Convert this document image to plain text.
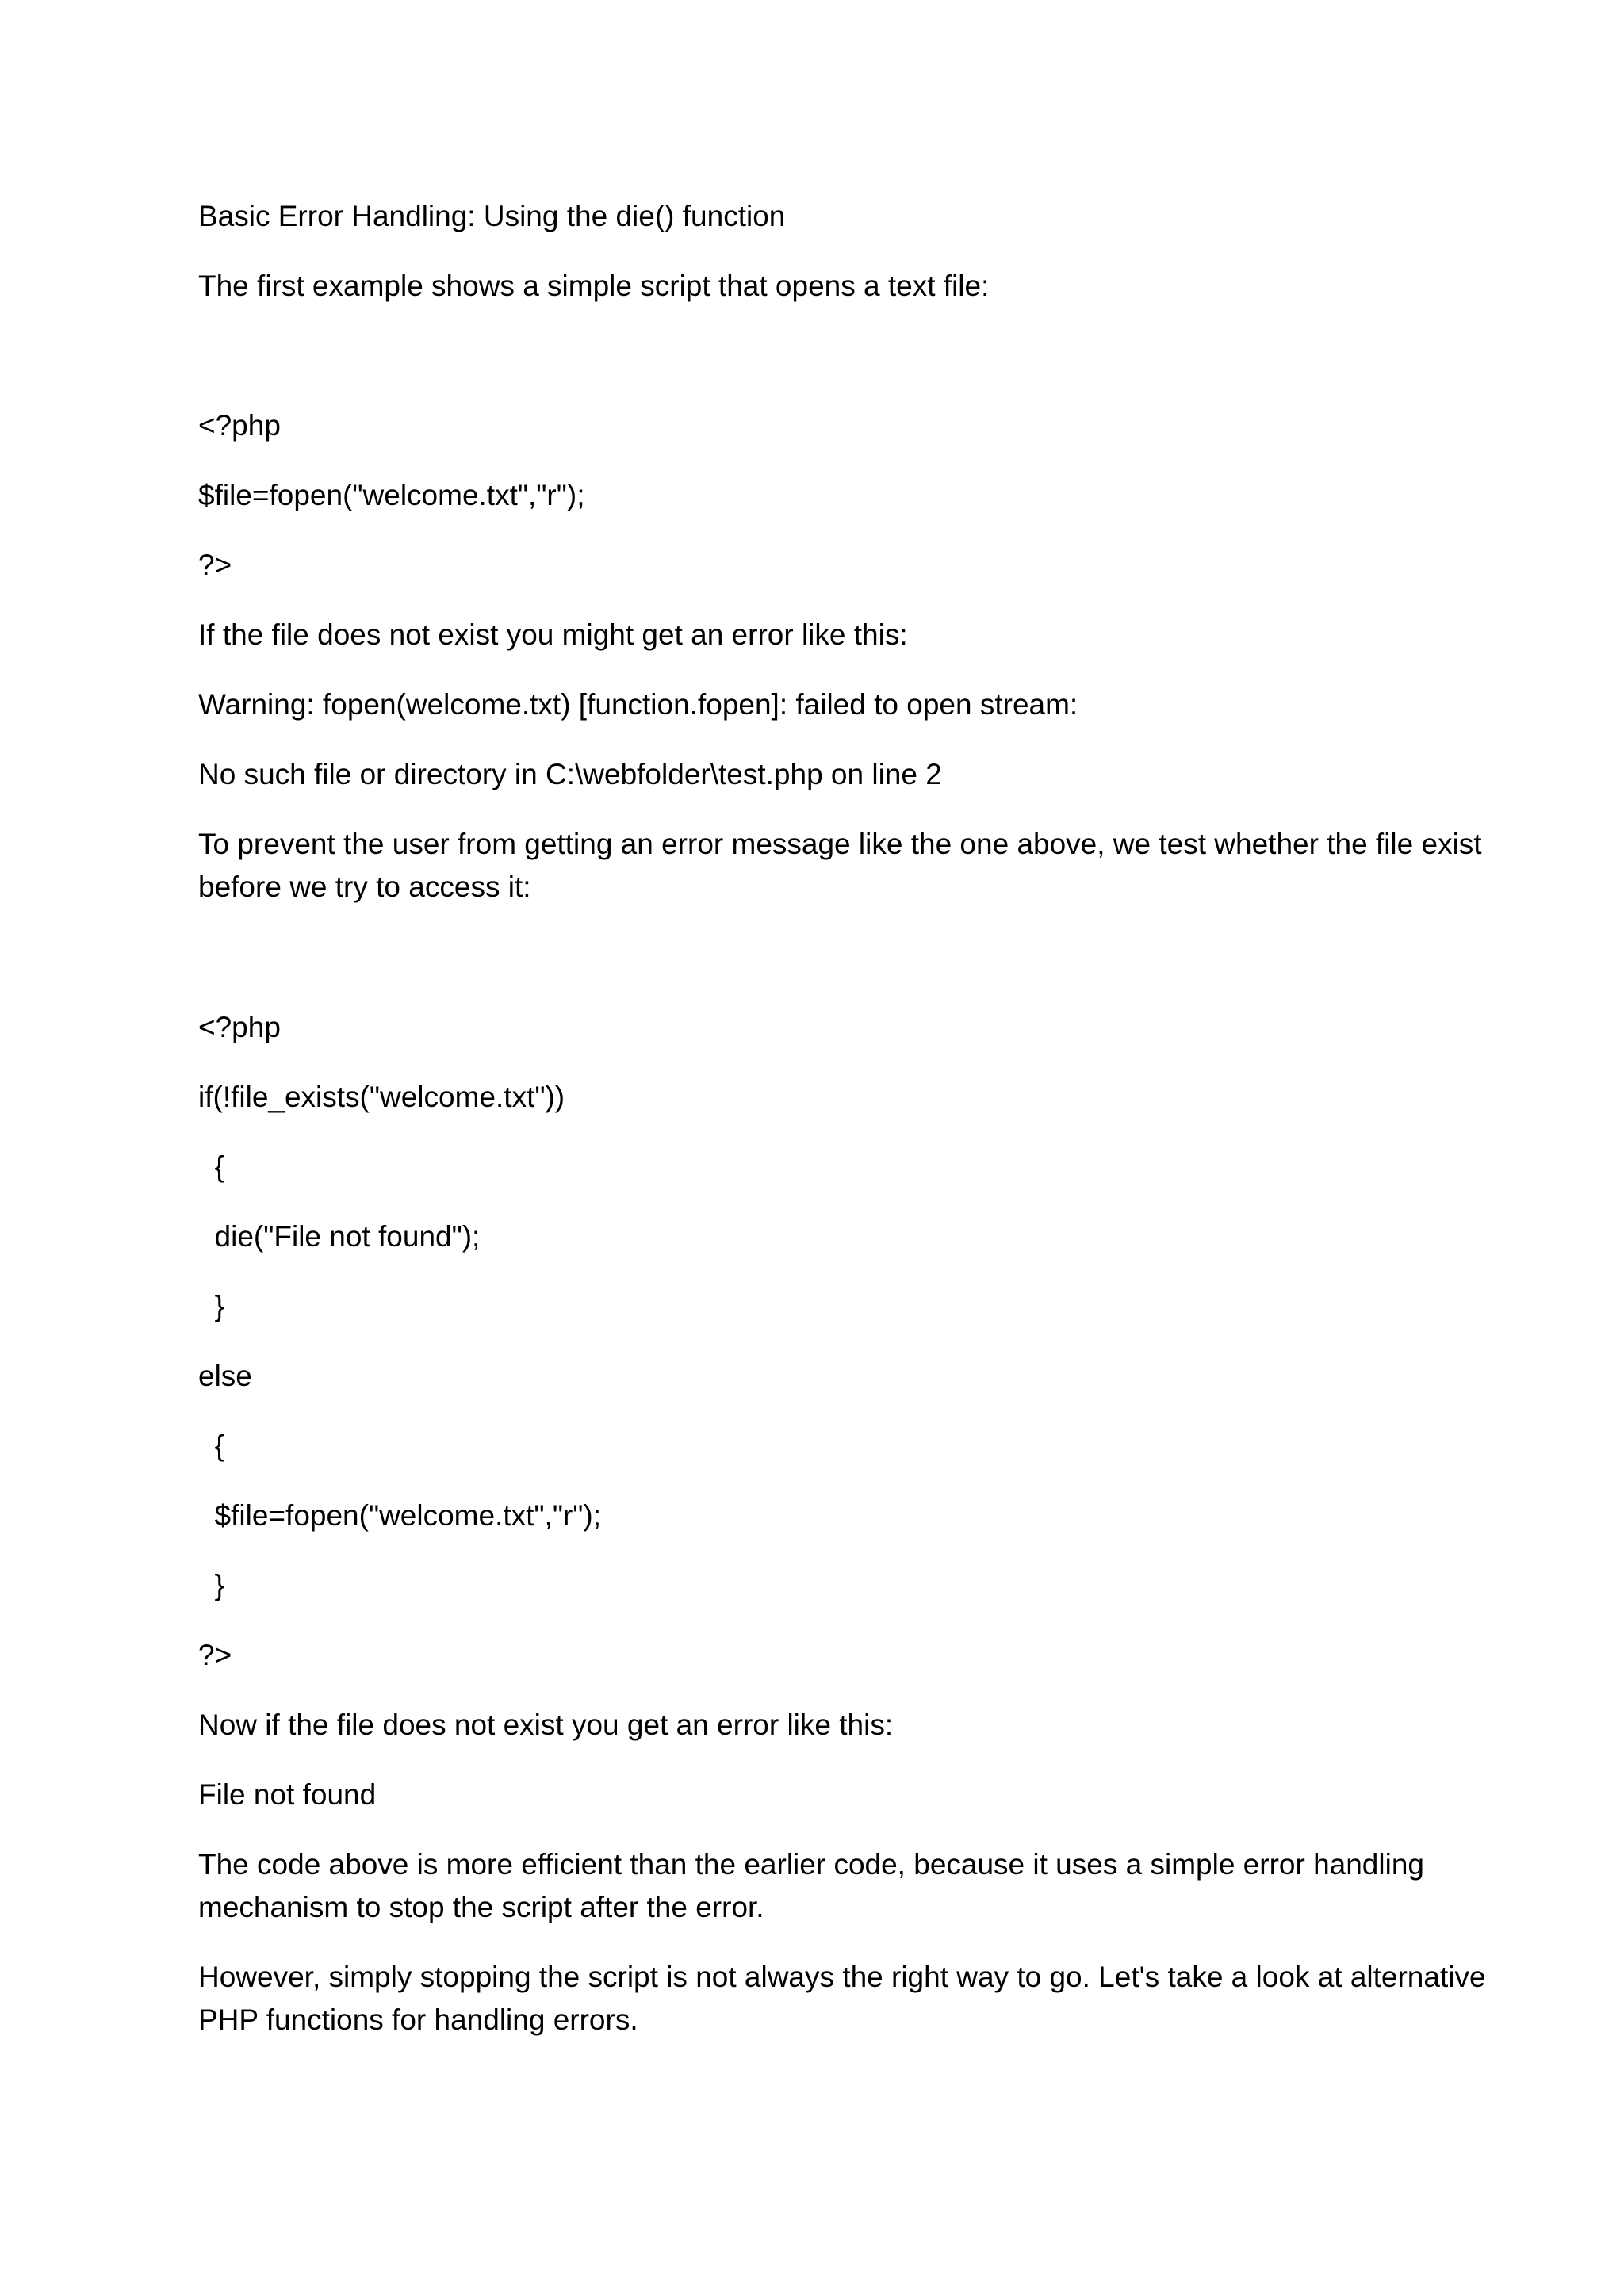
Basic Error Handling: Using the die() function

The first example shows a simple script that opens a text file:

<?php

$file=fopen("welcome.txt","r");

?>

If the file does not exist you might get an error like this:

Warning: fopen(welcome.txt) [function.fopen]: failed to open stream:

No such file or directory in C:\webfolder\test.php on line 2

To prevent the user from getting an error message like the one above, we test whether the file exist
before we try to access it:

<?php

if(!file_exists("welcome.txt"))

{

die("File not found");

}

else

{

$file=fopen("welcome.txt","r");

}

?>

Now if the file does not exist you get an error like this:

File not found

The code above is more efficient than the earlier code, because it uses a simple error handling
mechanism to stop the script after the error.
However, simply stopping the script is not always the right way to go. Let's take a look at alternative
PHP functions for handling errors.
